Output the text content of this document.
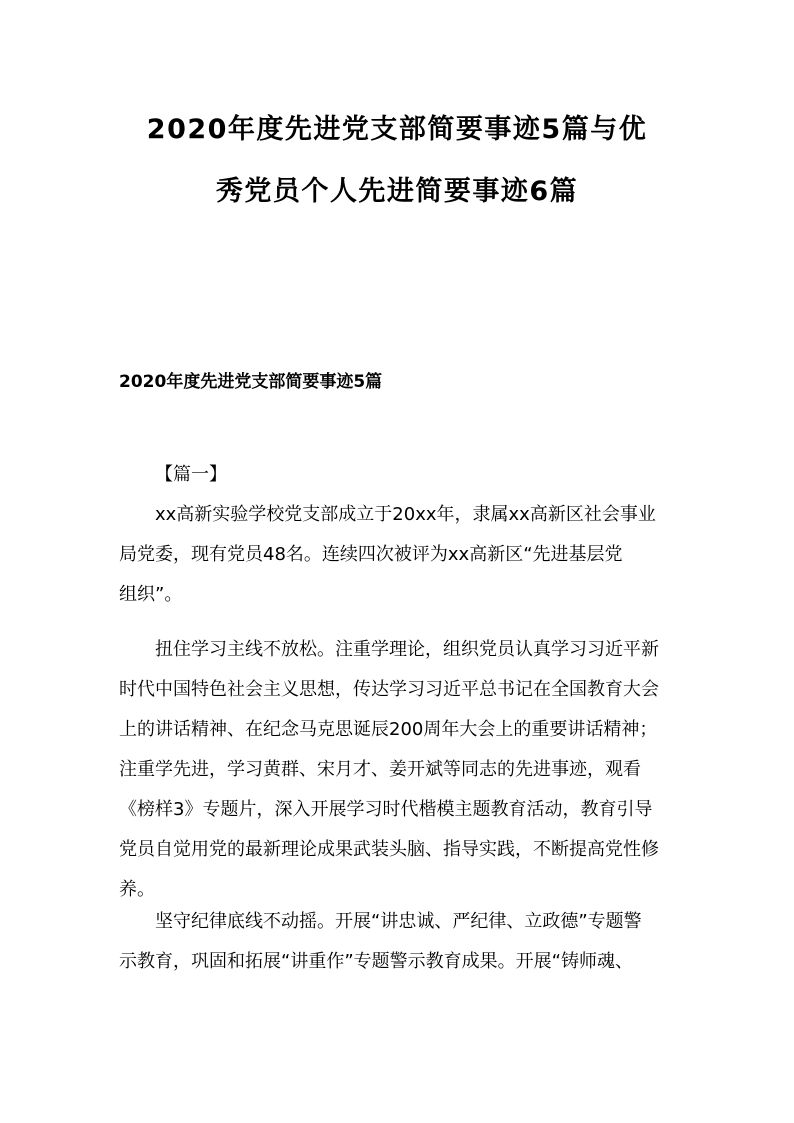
2020年度先进党支部简要事迹5篇与优
秀党员个人先进简要事迹6篇
2020年度先进党支部简要事迹5篇

【篇一】

xx高新实验学校党支部成立于20xx年，隶属xx高新区社会事业

局党委，现有党员48名。连续四次被评为xx高新区“先进基层党

组织”。

扭住学习主线不放松。注重学理论，组织党员认真学习习近平新

时代中国特色社会主义思想，传达学习习近平总书记在全国教育大会

上的讲话精神、在纪念马克思诞辰200周年大会上的重要讲话精神；

注重学先进，学习黄群、宋月才、姜开斌等同志的先进事迹，观看

《榜样3》专题片，深入开展学习时代楷模主题教育活动，教育引导

党员自觉用党的最新理论成果武装头脑、指导实践，不断提高党性修

养。

坚守纪律底线不动摇。开展“讲忠诚、严纪律、立政德”专题警

示教育，巩固和拓展“讲重作”专题警示教育成果。开展“铸师魂、
